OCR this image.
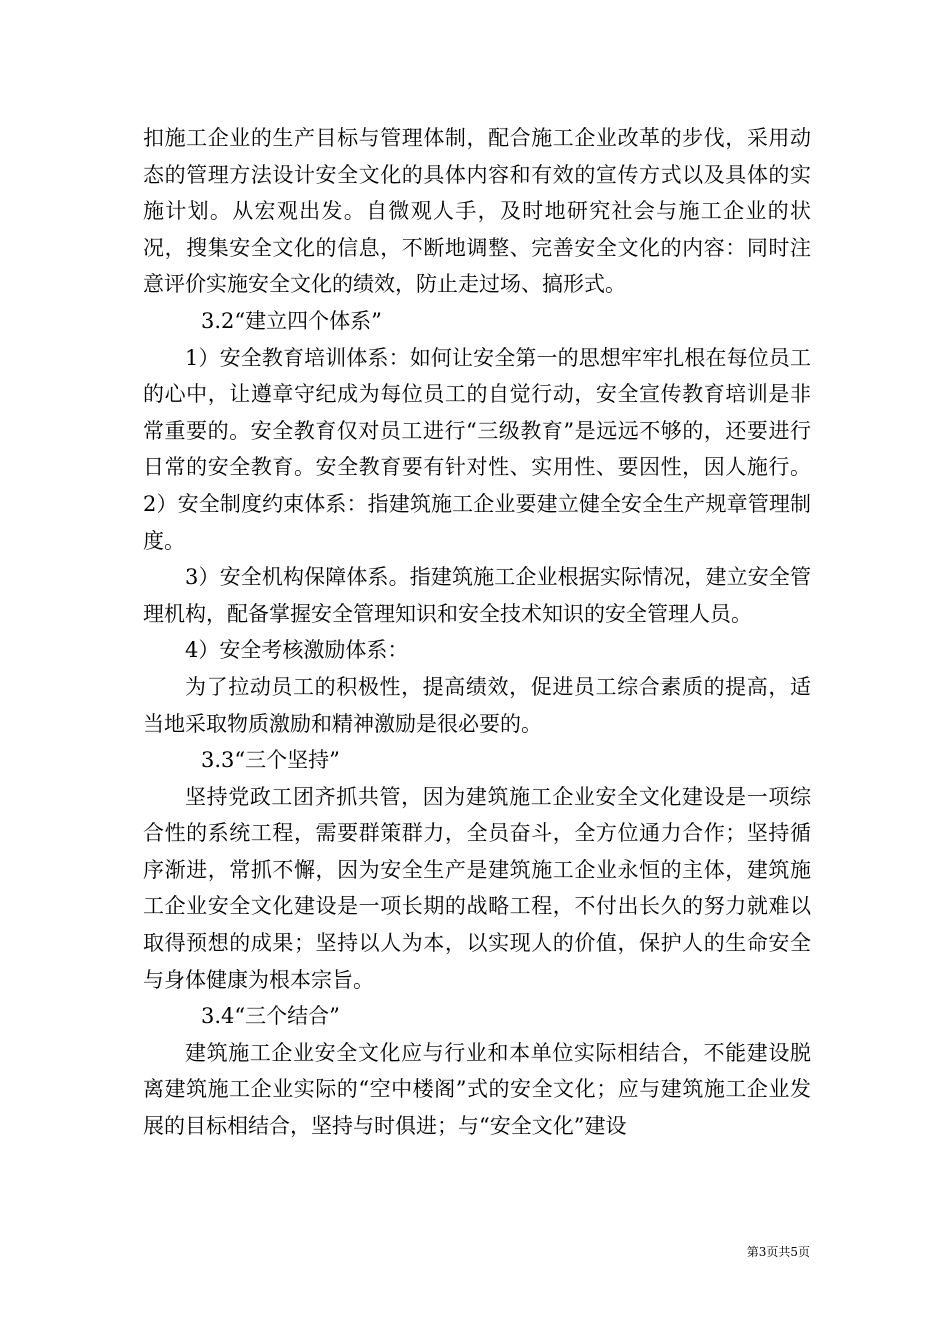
扣施工企业的生产目标与管理体制，配合施工企业改革的步伐，采用动态的管理方法设计安全文化的具体内容和有效的宣传方式以及具体的实施计划。从宏观出发。自微观人手，及时地研究社会与施工企业的状况，搜集安全文化的信息，不断地调整、完善安全文化的内容：同时注意评价实施安全文化的绩效，防止走过场、搞形式。

3.2“建立四个体系”

1）安全教育培训体系：如何让安全第一的思想牢牢扎根在每位员工的心中，让遵章守纪成为每位员工的自觉行动，安全宣传教育培训是非常重要的。安全教育仅对员工进行“三级教育”是远远不够的，还要进行日常的安全教育。安全教育要有针对性、实用性、要因性，因人施行。2）安全制度约束体系：指建筑施工企业要建立健全安全生产规章管理制度。

3）安全机构保障体系。指建筑施工企业根据实际情况，建立安全管理机构，配备掌握安全管理知识和安全技术知识的安全管理人员。

4）安全考核激励体系：

为了拉动员工的积极性，提高绩效，促进员工综合素质的提高，适当地采取物质激励和精神激励是很必要的。

3.3“三个坚持”

坚持党政工团齐抓共管，因为建筑施工企业安全文化建设是一项综合性的系统工程，需要群策群力，全员奋斗，全方位通力合作；坚持循序渐进，常抓不懈，因为安全生产是建筑施工企业永恒的主体，建筑施工企业安全文化建设是一项长期的战略工程，不付出长久的努力就难以取得预想的成果；坚持以人为本，以实现人的价值，保护人的生命安全与身体健康为根本宗旨。

3.4“三个结合”

建筑施工企业安全文化应与行业和本单位实际相结合，不能建设脱离建筑施工企业实际的“空中楼阁”式的安全文化；应与建筑施工企业发展的目标相结合，坚持与时俱进；与“安全文化”建设

第3页共5页
